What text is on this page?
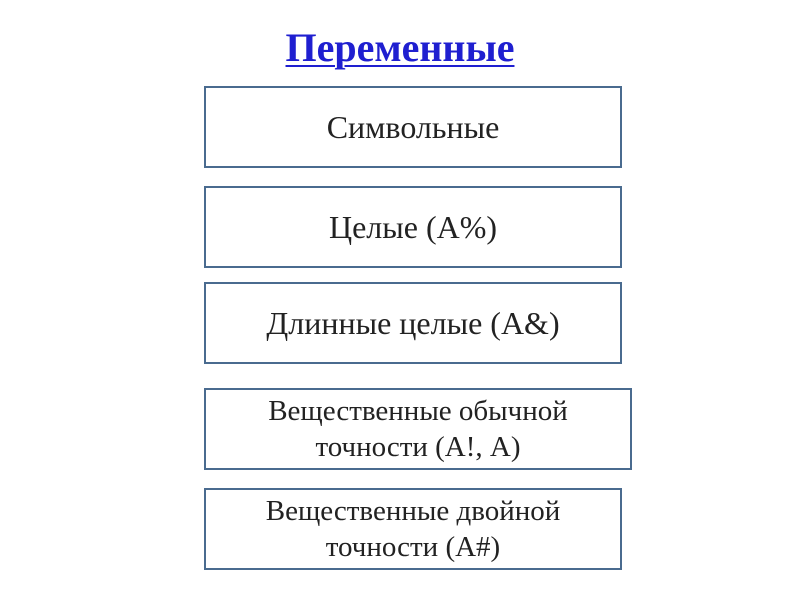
Переменные
Символьные
Целые (А%)
Длинные целые (А&)
Вещественные обычной
точности (А!, А)
Вещественные двойной
точности (А#)
